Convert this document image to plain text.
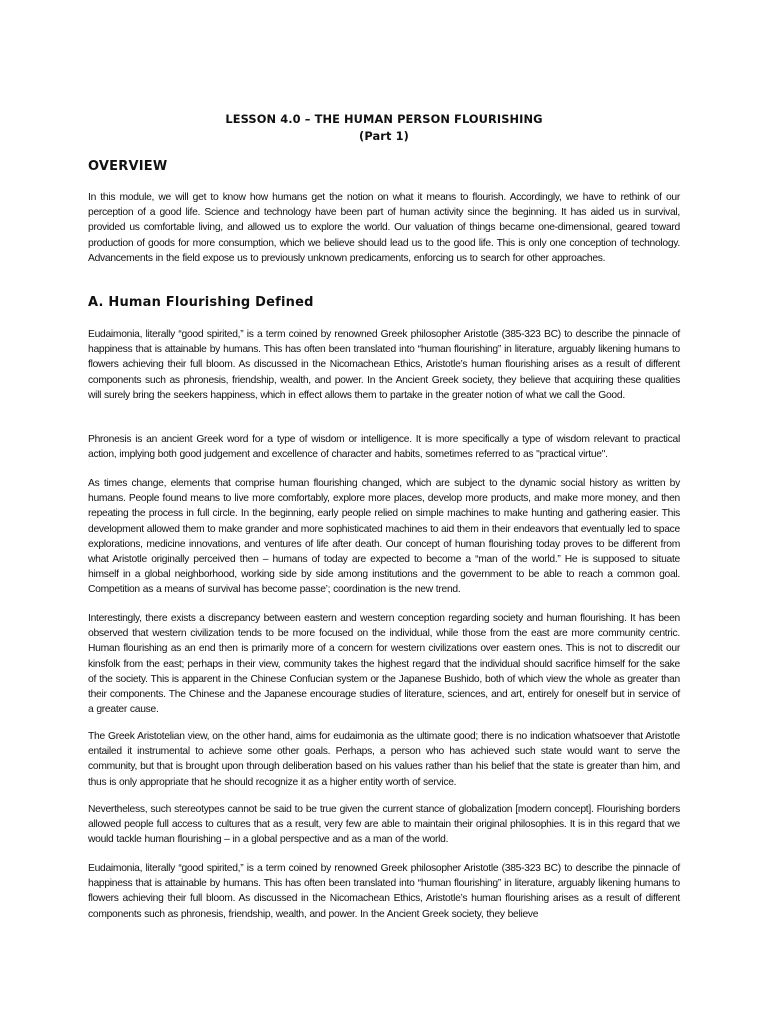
LESSON 4.0 – THE HUMAN PERSON FLOURISHING
(Part 1)
OVERVIEW

In this module, we will get to know how humans get the notion on what it means to flourish. Accordingly, we have to rethink of our perception of a good life. Science and technology have been part of human activity since the beginning. It has aided us in survival, provided us comfortable living, and allowed us to explore the world. Our valuation of things became one-dimensional, geared toward production of goods for more consumption, which we believe should lead us to the good life. This is only one conception of technology. Advancements in the field expose us to previously unknown predicaments, enforcing us to search for other approaches.

A. Human Flourishing Defined

Eudaimonia, literally “good spirited,” is a term coined by renowned Greek philosopher Aristotle (385-323 BC) to describe the pinnacle of happiness that is attainable by humans. This has often been translated into “human flourishing” in literature, arguably likening humans to flowers achieving their full bloom. As discussed in the Nicomachean Ethics, Aristotle’s human flourishing arises as a result of different components such as phronesis, friendship, wealth, and power. In the Ancient Greek society, they believe that acquiring these qualities will surely bring the seekers happiness, which in effect allows them to partake in the greater notion of what we call the Good.

Phronesis is an ancient Greek word for a type of wisdom or intelligence. It is more specifically a type of wisdom relevant to practical action, implying both good judgement and excellence of character and habits, sometimes referred to as "practical virtue".

As times change, elements that comprise human flourishing changed, which are subject to the dynamic social history as written by humans. People found means to live more comfortably, explore more places, develop more products, and make more money, and then repeating the process in full circle. In the beginning, early people relied on simple machines to make hunting and gathering easier. This development allowed them to make grander and more sophisticated machines to aid them in their endeavors that eventually led to space explorations, medicine innovations, and ventures of life after death. Our concept of human flourishing today proves to be different from what Aristotle originally perceived then – humans of today are expected to become a “man of the world.” He is supposed to situate himself in a global neighborhood, working side by side among institutions and the government to be able to reach a common goal. Competition as a means of survival has become passe’; coordination is the new trend.

Interestingly, there exists a discrepancy between eastern and western conception regarding society and human flourishing. It has been observed that western civilization tends to be more focused on the individual, while those from the east are more community centric. Human flourishing as an end then is primarily more of a concern for western civilizations over eastern ones. This is not to discredit our kinsfolk from the east; perhaps in their view, community takes the highest regard that the individual should sacrifice himself for the sake of the society. This is apparent in the Chinese Confucian system or the Japanese Bushido, both of which view the whole as greater than their components. The Chinese and the Japanese encourage studies of literature, sciences, and art, entirely for oneself but in service of a greater cause.

The Greek Aristotelian view, on the other hand, aims for eudaimonia as the ultimate good; there is no indication whatsoever that Aristotle entailed it instrumental to achieve some other goals. Perhaps, a person who has achieved such state would want to serve the community, but that is brought upon through deliberation based on his values rather than his belief that the state is greater than him, and thus is only appropriate that he should recognize it as a higher entity worth of service.

Nevertheless, such stereotypes cannot be said to be true given the current stance of globalization [modern concept]. Flourishing borders allowed people full access to cultures that as a result, very few are able to maintain their original philosophies. It is in this regard that we would tackle human flourishing – in a global perspective and as a man of the world.

Eudaimonia, literally “good spirited,” is a term coined by renowned Greek philosopher Aristotle (385-323 BC) to describe the pinnacle of happiness that is attainable by humans. This has often been translated into “human flourishing” in literature, arguably likening humans to flowers achieving their full bloom. As discussed in the Nicomachean Ethics, Aristotle’s human flourishing arises as a result of different components such as phronesis, friendship, wealth, and power. In the Ancient Greek society, they believe
